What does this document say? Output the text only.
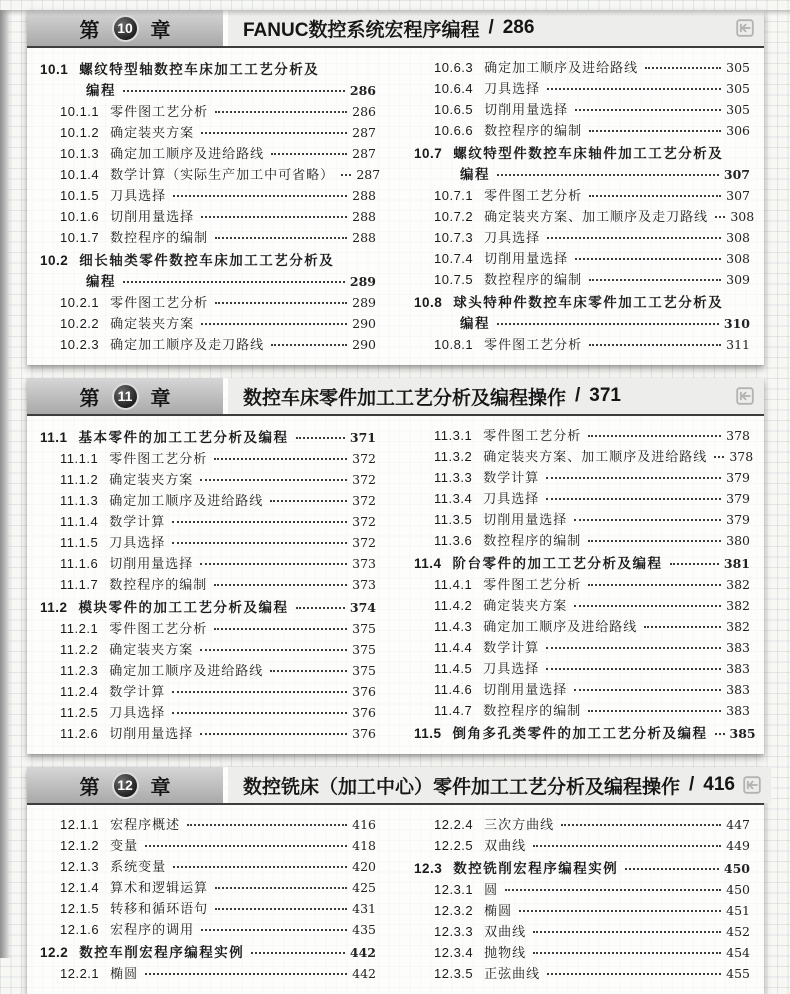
第 10 章	FANUC数控系统宏程序编程 / 286
10.1 螺纹特型轴数控车床加工工艺分析及
编程	286
10.1.1 零件图工艺分析	286
10.1.2 确定装夹方案	287
10.1.3 确定加工顺序及进给路线	287
10.1.4 数学计算（实际生产加工中可省略） 287
10.1.5 刀具选择	288
10.1.6 切削用量选择	288
10.1.7 数控程序的编制	288
10.2 细长轴类零件数控车床加工工艺分析及
编程	289
10.2.1 零件图工艺分析	289
10.2.2 确定装夹方案	290
10.2.3 确定加工顺序及走刀路线	290
10.6.3 确定加工顺序及进给路线	305
10.6.4 刀具选择	305
10.6.5 切削用量选择	305
10.6.6 数控程序的编制	306
10.7 螺纹特型件数控车床轴件加工工艺分析及
编程	307
10.7.1 零件图工艺分析	307
10.7.2 确定装夹方案、加工顺序及走刀路线 308
10.7.3 刀具选择	308
10.7.4 切削用量选择	308
10.7.5 数控程序的编制	309
10.8 球头特种件数控车床零件加工工艺分析及
编程	310
10.8.1 零件图工艺分析	311
第 11 章	数控车床零件加工工艺分析及编程操作 / 371
11.1 基本零件的加工工艺分析及编程	371
11.1.1 零件图工艺分析	372
11.1.2 确定装夹方案	372
11.1.3 确定加工顺序及进给路线	372
11.1.4 数学计算	372
11.1.5 刀具选择	372
11.1.6 切削用量选择	373
11.1.7 数控程序的编制	373
11.2 模块零件的加工工艺分析及编程	374
11.2.1 零件图工艺分析	375
11.2.2 确定装夹方案	375
11.2.3 确定加工顺序及进给路线	375
11.2.4 数学计算	376
11.2.5 刀具选择	376
11.2.6 切削用量选择	376
11.3.1 零件图工艺分析	378
11.3.2 确定装夹方案、加工顺序及进给路线 378
11.3.3 数学计算	379
11.3.4 刀具选择	379
11.3.5 切削用量选择	379
11.3.6 数控程序的编制	380
11.4 阶台零件的加工工艺分析及编程	381
11.4.1 零件图工艺分析	382
11.4.2 确定装夹方案	382
11.4.3 确定加工顺序及进给路线	382
11.4.4 数学计算	383
11.4.5 刀具选择	383
11.4.6 切削用量选择	383
11.4.7 数控程序的编制	383
11.5 倒角多孔类零件的加工工艺分析及编程 385
第 12 章	数控铣床（加工中心）零件加工工艺分析及编程操作 / 416
12.1.1 宏程序概述	416
12.1.2 变量	418
12.1.3 系统变量	420
12.1.4 算术和逻辑运算	425
12.1.5 转移和循环语句	431
12.1.6 宏程序的调用	435
12.2 数控车削宏程序编程实例	442
12.2.1 椭圆	442
12.2.4 三次方曲线	447
12.2.5 双曲线	449
12.3 数控铣削宏程序编程实例	450
12.3.1 圆	450
12.3.2 椭圆	451
12.3.3 双曲线	452
12.3.4 抛物线	454
12.3.5 正弦曲线	455
